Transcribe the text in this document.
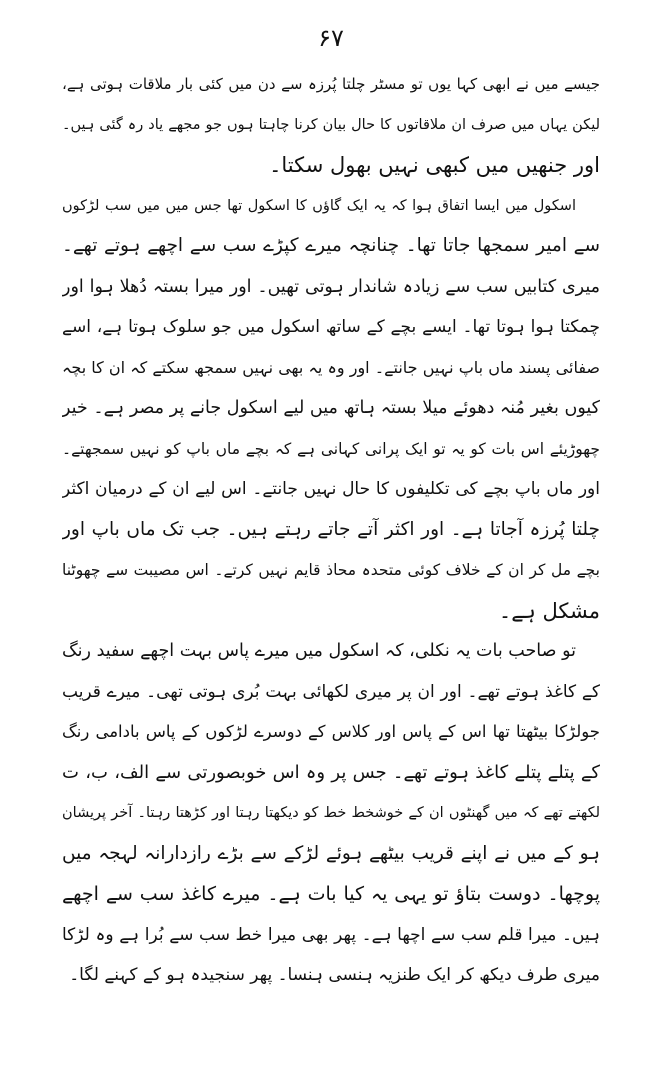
۶۷
جیسے میں نے ابھی کہا یوں تو مسٹر چلتا پُرزہ سے دن میں کئی بار ملاقات ہوتی ہے،
لیکن یہاں میں صرف ان ملاقاتوں کا حال بیان کرنا چاہتا ہوں جو مجھے یاد رہ گئی ہیں۔
اور جنھیں میں کبھی نہیں بھول سکتا۔
اسکول میں ایسا اتفاق ہوا کہ یہ ایک گاؤں کا اسکول تھا جس میں میں سب لڑکوں
سے امیر سمجھا جاتا تھا۔ چنانچہ میرے کپڑے سب سے اچھے ہوتے تھے۔
میری کتابیں سب سے زیادہ شاندار ہوتی تھیں۔ اور میرا بستہ دُھلا ہوا اور
چمکتا ہوا ہوتا تھا۔ ایسے بچے کے ساتھ اسکول میں جو سلوک ہوتا ہے، اسے
صفائی پسند ماں باپ نہیں جانتے۔ اور وہ یہ بھی نہیں سمجھ سکتے کہ ان کا بچہ
کیوں بغیر مُنہ دھوئے میلا بستہ ہاتھ میں لیے اسکول جانے پر مصر ہے۔ خیر
چھوڑیئے اس بات کو یہ تو ایک پرانی کہانی ہے کہ بچے ماں باپ کو نہیں سمجھتے۔
اور ماں باپ بچے کی تکلیفوں کا حال نہیں جانتے۔ اس لیے ان کے درمیان اکثر
چلتا پُرزہ آجاتا ہے۔ اور اکثر آتے جاتے رہتے ہیں۔ جب تک ماں باپ اور
بچے مل کر ان کے خلاف کوئی متحدہ محاذ قایم نہیں کرتے۔ اس مصیبت سے چھوٹنا
مشکل ہے۔
تو صاحب بات یہ نکلی، کہ اسکول میں میرے پاس بہت اچھے سفید رنگ
کے کاغذ ہوتے تھے۔ اور ان پر میری لکھائی بہت بُری ہوتی تھی۔ میرے قریب
جولڑکا بیٹھتا تھا اس کے پاس اور کلاس کے دوسرے لڑکوں کے پاس بادامی رنگ
کے پتلے پتلے کاغذ ہوتے تھے۔ جس پر وہ اس خوبصورتی سے الف، ب، ت
لکھتے تھے کہ میں گھنٹوں ان کے خوشخط خط کو دیکھتا رہتا اور کڑھتا رہتا۔ آخر پریشان
ہو کے میں نے اپنے قریب بیٹھے ہوئے لڑکے سے بڑے رازدارانہ لہجہ میں
پوچھا۔ دوست بتاؤ تو یہی یہ کیا بات ہے۔ میرے کاغذ سب سے اچھے
ہیں۔ میرا قلم سب سے اچھا ہے۔ پھر بھی میرا خط سب سے بُرا ہے وہ لڑکا
میری طرف دیکھ کر ایک طنزیہ ہنسی ہنسا۔ پھر سنجیدہ ہو کے کہنے لگا۔
